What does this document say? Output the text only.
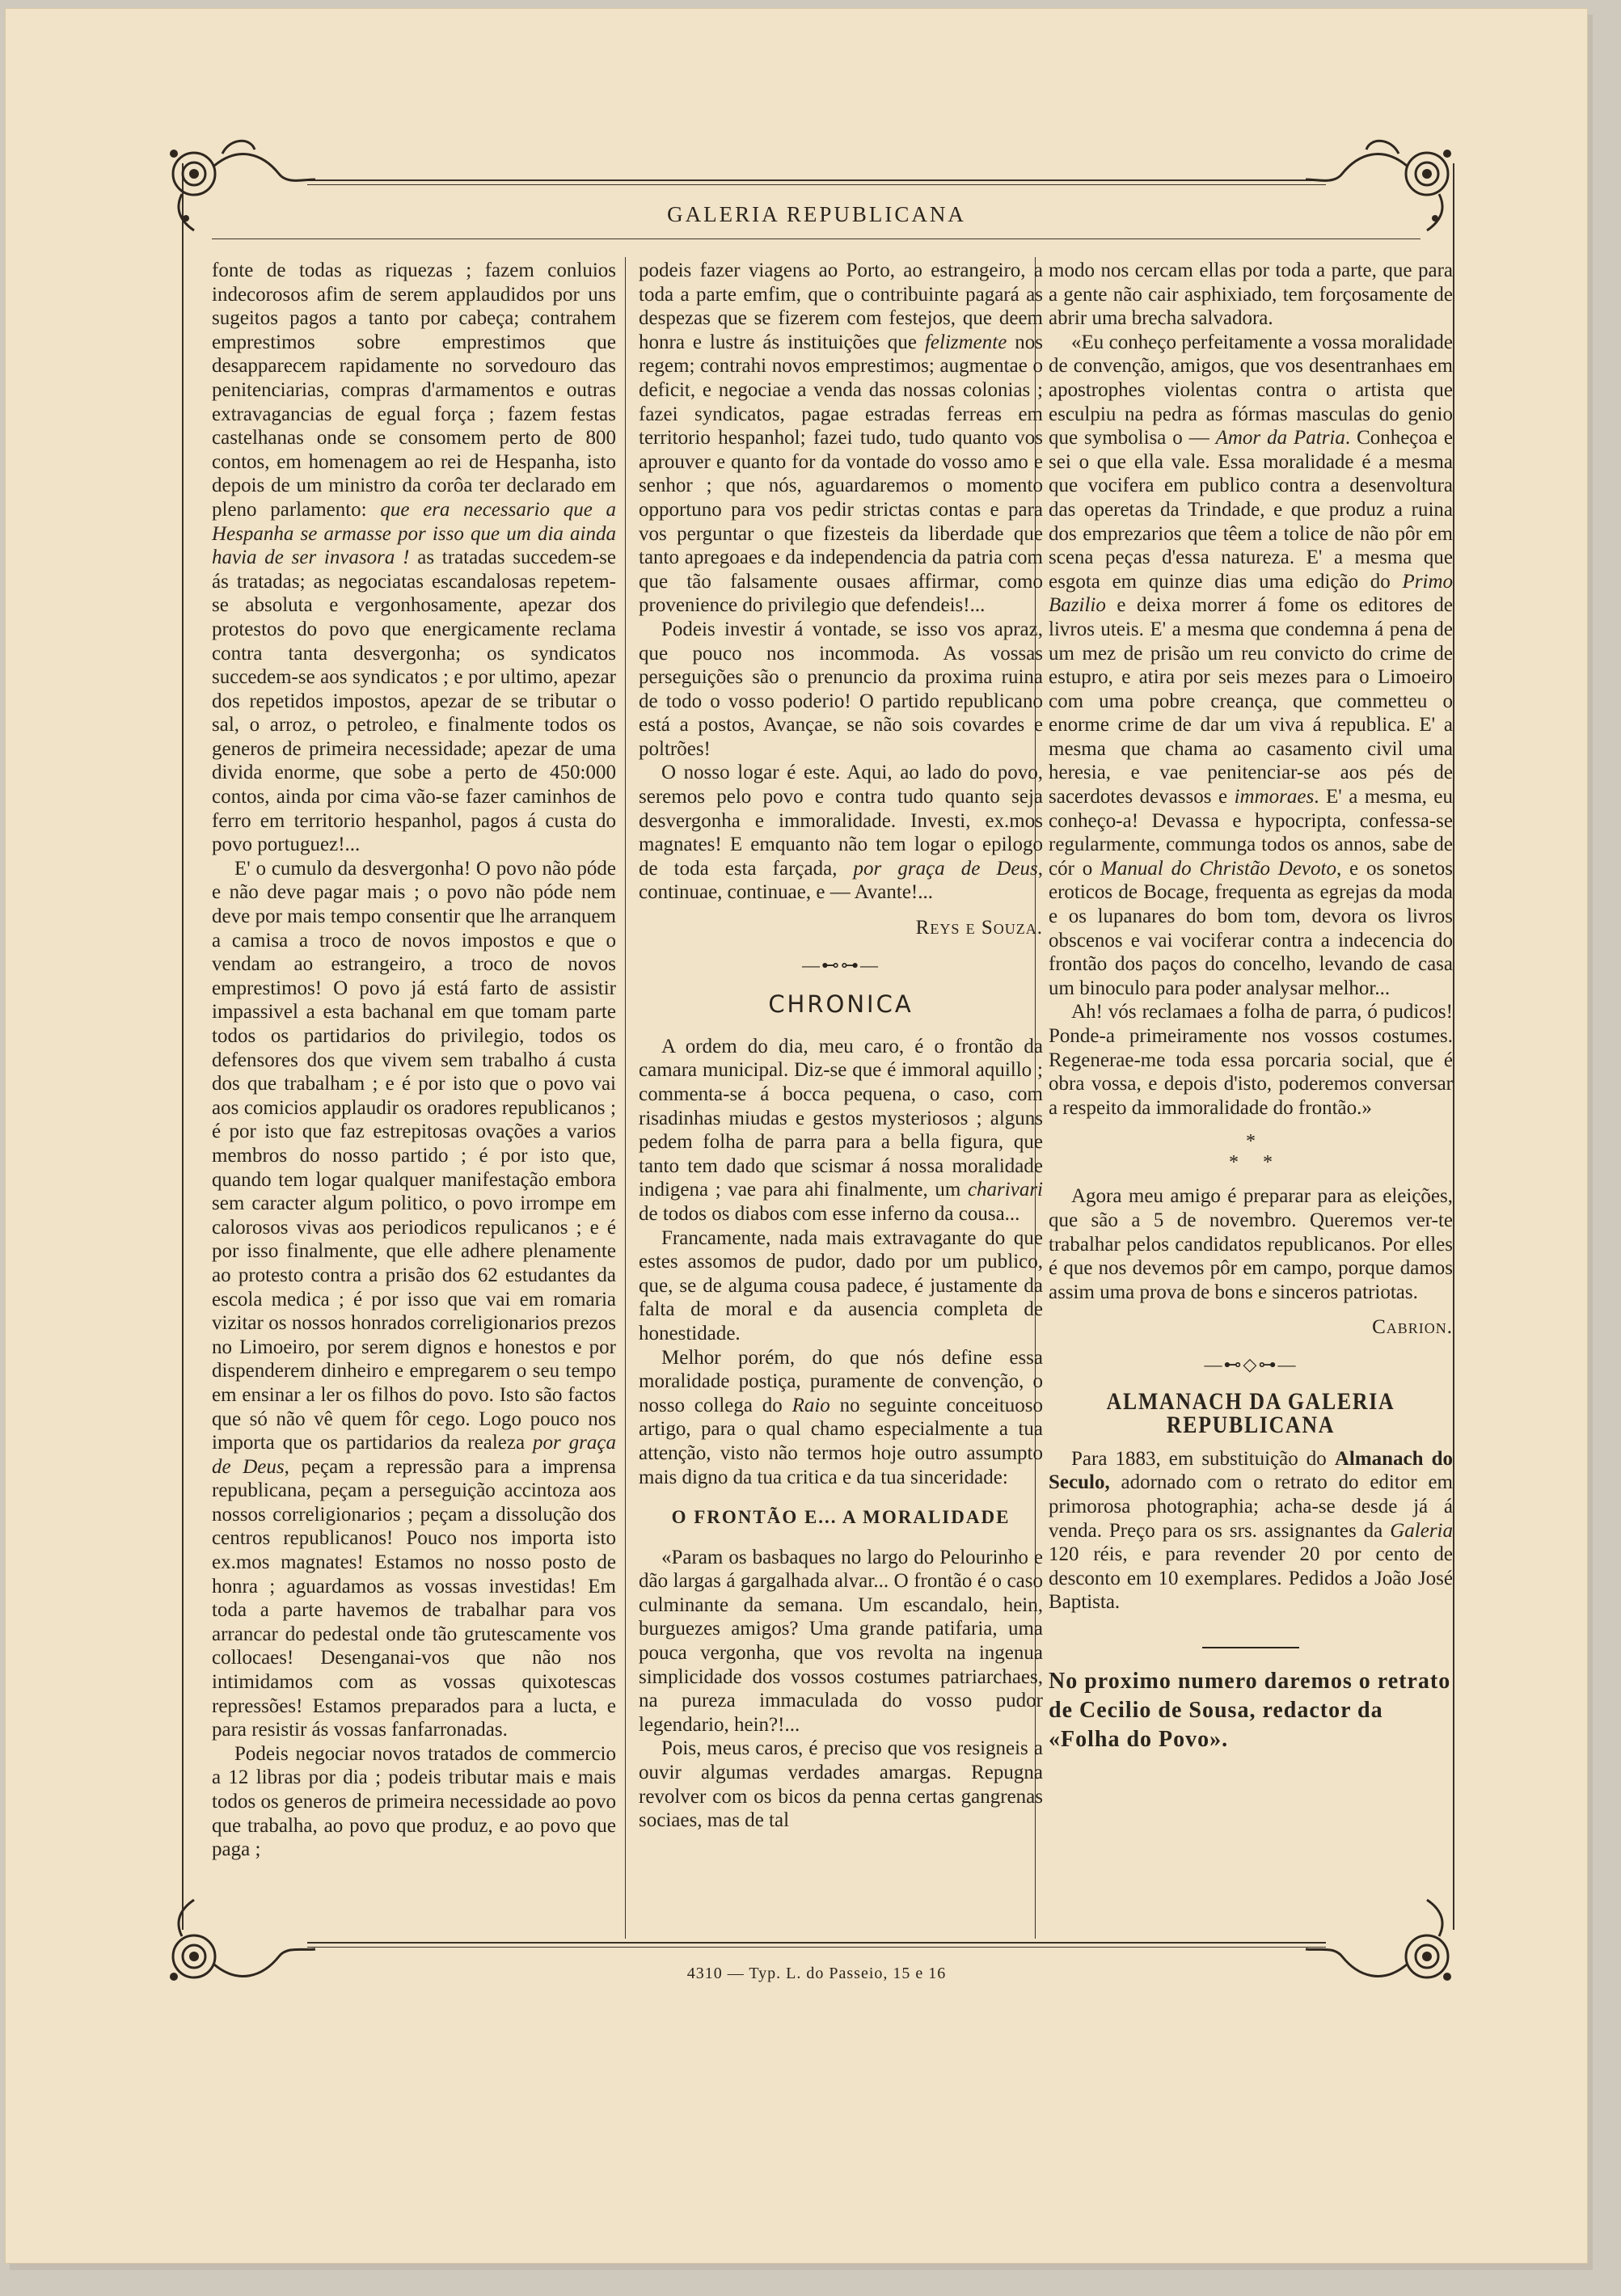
GALERIA REPUBLICANA

fonte de todas as riquezas ; fazem conluios indecorosos afim de serem applaudidos por uns sugeitos pagos a tanto por cabeça; contrahem emprestimos sobre emprestimos que desapparecem rapidamente no sorvedouro das penitenciarias, compras d'armamentos e outras extravagancias de egual força ; fazem festas castelhanas onde se consomem perto de 800 contos, em homenagem ao rei de Hespanha, isto depois de um ministro da corôa ter declarado em pleno parlamento: que era necessario que a Hespanha se armasse por isso que um dia ainda havia de ser invasora ! as tratadas succedem-se ás tratadas; as negociatas escandalosas repetem-se absoluta e vergonhosamente, apezar dos protestos do povo que energicamente reclama contra tanta desvergonha; os syndicatos succedem-se aos syndicatos ; e por ultimo, apezar dos repetidos impostos, apezar de se tributar o sal, o arroz, o petroleo, e finalmente todos os generos de primeira necessidade; apezar de uma divida enorme, que sobe a perto de 450:000 contos, ainda por cima vão-se fazer caminhos de ferro em territorio hespanhol, pagos á custa do povo portuguez!...

E' o cumulo da desvergonha! O povo não póde e não deve pagar mais ; o povo não póde nem deve por mais tempo consentir que lhe arranquem a camisa a troco de novos impostos e que o vendam ao estrangeiro, a troco de novos emprestimos! O povo já está farto de assistir impassivel a esta bachanal em que tomam parte todos os partidarios do privilegio, todos os defensores dos que vivem sem trabalho á custa dos que trabalham ; e é por isto que o povo vai aos comicios applaudir os oradores republicanos ; é por isto que faz estrepitosas ovações a varios membros do nosso partido ; é por isto que, quando tem logar qualquer manifestação embora sem caracter algum politico, o povo irrompe em calorosos vivas aos periodicos repulicanos ; e é por isso finalmente, que elle adhere plenamente ao protesto contra a prisão dos 62 estudantes da escola medica ; é por isso que vai em romaria vizitar os nossos honrados correligionarios prezos no Limoeiro, por serem dignos e honestos e por dispenderem dinheiro e empregarem o seu tempo em ensinar a ler os filhos do povo. Isto são factos que só não vê quem fôr cego. Logo pouco nos importa que os partidarios da realeza por graça de Deus, peçam a repressão para a imprensa republicana, peçam a perseguição accintoza aos nossos correligionarios ; peçam a dissolução dos centros republicanos! Pouco nos importa isto ex.mos magnates! Estamos no nosso posto de honra ; aguardamos as vossas investidas! Em toda a parte havemos de trabalhar para vos arrancar do pedestal onde tão grutescamente vos collocaes! Desenganai-vos que não nos intimidamos com as vossas quixotescas repressões! Estamos preparados para a lucta, e para resistir ás vossas fanfarronadas.

Podeis negociar novos tratados de commercio a 12 libras por dia ; podeis tributar mais e mais todos os generos de primeira necessidade ao povo que trabalha, ao povo que produz, e ao povo que paga ;

podeis fazer viagens ao Porto, ao estrangeiro, a toda a parte emfim, que o contribuinte pagará as despezas que se fizerem com festejos, que deem honra e lustre ás instituições que felizmente nos regem; contrahi novos emprestimos; augmentae o deficit, e negociae a venda das nossas colonias ; fazei syndicatos, pagae estradas ferreas em territorio hespanhol; fazei tudo, tudo quanto vos aprouver e quanto for da vontade do vosso amo e senhor ; que nós, aguardaremos o momento opportuno para vos pedir strictas contas e para vos perguntar o que fizesteis da liberdade que tanto apregoaes e da independencia da patria com que tão falsamente ousaes affirmar, como provenience do privilegio que defendeis!...

Podeis investir á vontade, se isso vos apraz, que pouco nos incommoda. As vossas perseguições são o prenuncio da proxima ruina de todo o vosso poderio! O partido republicano está a postos, Avançae, se não sois covardes e poltrões!

O nosso logar é este. Aqui, ao lado do povo, seremos pelo povo e contra tudo quanto seja desvergonha e immoralidade. Investi, ex.mos magnates! E emquanto não tem logar o epilogo de toda esta farçada, por graça de Deus, continuae, continuae, e — Avante!...

Reys e Souza.

—⊷⊶—
CHRONICA

A ordem do dia, meu caro, é o frontão da camara municipal. Diz-se que é immoral aquillo ; commenta-se á bocca pequena, o caso, com risadinhas miudas e gestos mysteriosos ; alguns pedem folha de parra para a bella figura, que tanto tem dado que scismar á nossa moralidade indigena ; vae para ahi finalmente, um charivari de todos os diabos com esse inferno da cousa...

Francamente, nada mais extravagante do que estes assomos de pudor, dado por um publico, que, se de alguma cousa padece, é justamente da falta de moral e da ausencia completa de honestidade.

Melhor porém, do que nós define essa moralidade postiça, puramente de convenção, o nosso collega do Raio no seguinte conceituoso artigo, para o qual chamo especialmente a tua attenção, visto não termos hoje outro assumpto mais digno da tua critica e da tua sinceridade:

O FRONTÃO E... A MORALIDADE

«Param os basbaques no largo do Pelourinho e dão largas á gargalhada alvar... O frontão é o caso culminante da semana. Um escandalo, hein, burguezes amigos? Uma grande patifaria, uma pouca vergonha, que vos revolta na ingenua simplicidade dos vossos costumes patriarchaes, na pureza immaculada do vosso pudor legendario, hein?!...

Pois, meus caros, é preciso que vos resigneis a ouvir algumas verdades amargas. Repugna revolver com os bicos da penna certas gangrenas sociaes, mas de tal

modo nos cercam ellas por toda a parte, que para a gente não cair asphixiado, tem forçosamente de abrir uma brecha salvadora.

«Eu conheço perfeitamente a vossa moralidade de convenção, amigos, que vos desentranhaes em apostrophes violentas contra o artista que esculpiu na pedra as fórmas masculas do genio que symbolisa o — Amor da Patria. Conheçoa e sei o que ella vale. Essa moralidade é a mesma que vocifera em publico contra a desenvoltura das operetas da Trindade, e que produz a ruina dos emprezarios que têem a tolice de não pôr em scena peças d'essa natureza. E' a mesma que esgota em quinze dias uma edição do Primo Bazilio e deixa morrer á fome os editores de livros uteis. E' a mesma que condemna á pena de um mez de prisão um reu convicto do crime de estupro, e atira por seis mezes para o Limoeiro com uma pobre creança, que commetteu o enorme crime de dar um viva á republica. E' a mesma que chama ao casamento civil uma heresia, e vae penitenciar-se aos pés de sacerdotes devassos e immoraes. E' a mesma, eu conheço-a! Devassa e hypocripta, confessa-se regularmente, communga todos os annos, sabe de cór o Manual do Christão Devoto, e os sonetos eroticos de Bocage, frequenta as egrejas da moda e os lupanares do bom tom, devora os livros obscenos e vai vociferar contra a indecencia do frontão dos paços do concelho, levando de casa um binoculo para poder analysar melhor...

Ah! vós reclamaes a folha de parra, ó pudicos! Ponde-a primeiramente nos vossos costumes. Regenerae-me toda essa porcaria social, que é obra vossa, e depois d'isto, poderemos conversar a respeito da immoralidade do frontão.»

*
*     *

Agora meu amigo é preparar para as eleições, que são a 5 de novembro. Queremos ver-te trabalhar pelos candidatos republicanos. Por elles é que nos devemos pôr em campo, porque damos assim uma prova de bons e sinceros patriotas.

Cabrion.

—⊷◇⊶—
ALMANACH DA GALERIA REPUBLICANA

Para 1883, em substituição do Almanach do Seculo, adornado com o retrato do editor em primorosa photographia; acha-se desde já á venda. Preço para os srs. assignantes da Galeria 120 réis, e para revender 20 por cento de desconto em 10 exemplares. Pedidos a João José Baptista.

No proximo numero daremos o retrato de Cecilio de Sousa, redactor da «Folha do Povo».
4310 — Typ. L. do Passeio, 15 e 16
